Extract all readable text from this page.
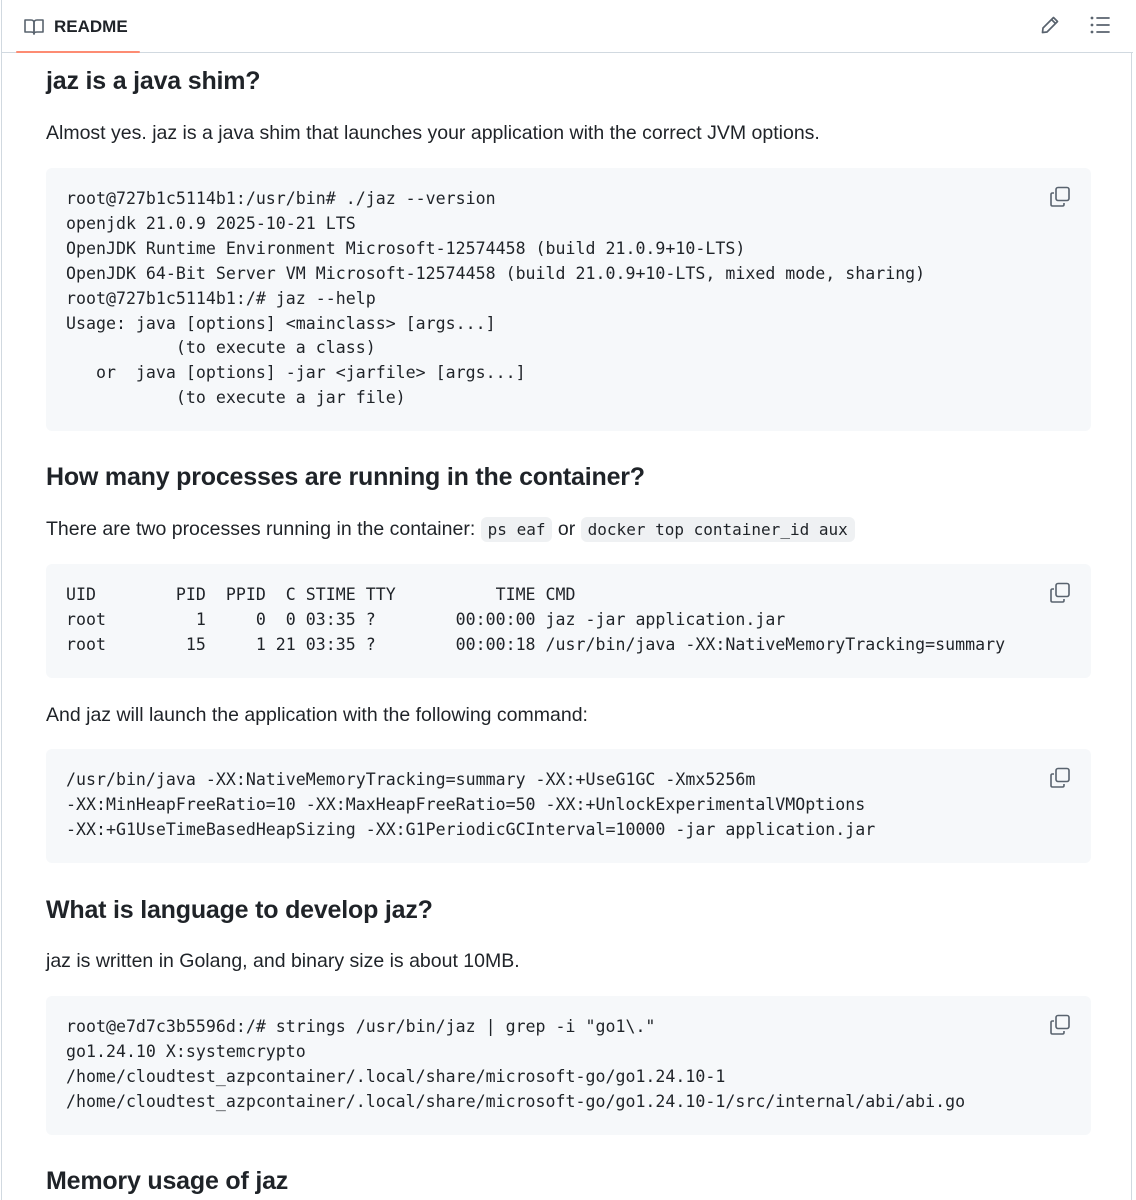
README
jaz is a java shim?

Almost yes. jaz is a java shim that launches your application with the correct JVM options.

root@727b1c5114b1:/usr/bin# ./jaz --version
openjdk 21.0.9 2025-10-21 LTS
OpenJDK Runtime Environment Microsoft-12574458 (build 21.0.9+10-LTS)
OpenJDK 64-Bit Server VM Microsoft-12574458 (build 21.0.9+10-LTS, mixed mode, sharing)
root@727b1c5114b1:/# jaz --help
Usage: java [options] <mainclass> [args...]
(to execute a class)
or  java [options] -jar <jarfile> [args...]
(to execute a jar file)
How many processes are running in the container?

There are two processes running in the container: ps eaf or docker top container_id aux

UID        PID  PPID  C STIME TTY          TIME CMD
root         1     0  0 03:35 ?        00:00:00 jaz -jar application.jar
root        15     1 21 03:35 ?        00:00:18 /usr/bin/java -XX:NativeMemoryTracking=summary

And jaz will launch the application with the following command:

/usr/bin/java -XX:NativeMemoryTracking=summary -XX:+UseG1GC -Xmx5256m
-XX:MinHeapFreeRatio=10 -XX:MaxHeapFreeRatio=50 -XX:+UnlockExperimentalVMOptions
-XX:+G1UseTimeBasedHeapSizing -XX:G1PeriodicGCInterval=10000 -jar application.jar
What is language to develop jaz?

jaz is written in Golang, and binary size is about 10MB.

root@e7d7c3b5596d:/# strings /usr/bin/jaz | grep -i "go1\."
go1.24.10 X:systemcrypto
/home/cloudtest_azpcontainer/.local/share/microsoft-go/go1.24.10-1
/home/cloudtest_azpcontainer/.local/share/microsoft-go/go1.24.10-1/src/internal/abi/abi.go
Memory usage of jaz
